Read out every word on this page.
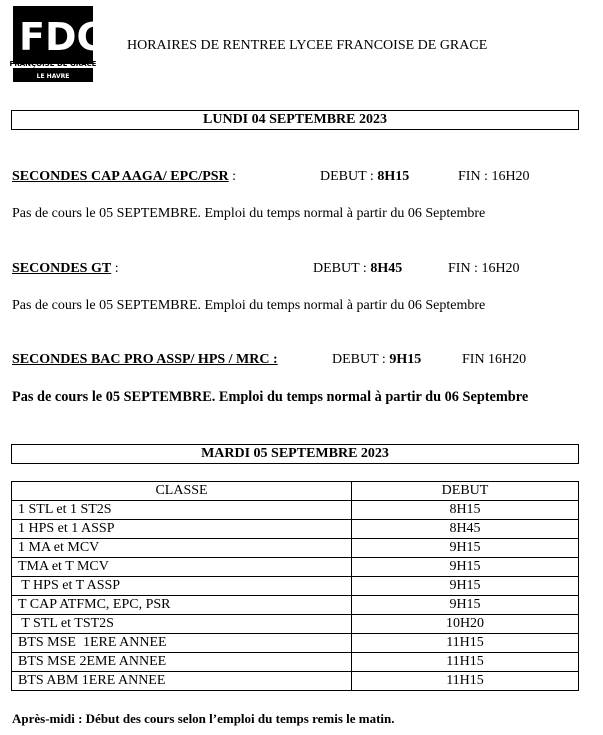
FDG
FRANÇOISE DE GRÂCE
LE HAVRE
HORAIRES DE RENTREE LYCEE FRANCOISE DE GRACE
LUNDI 04 SEPTEMBRE 2023
SECONDES CAP AAGA/ EPC/PSR :	DEBUT : 8H15	FIN : 16H20
Pas de cours le 05 SEPTEMBRE. Emploi du temps normal à partir du 06 Septembre
SECONDES GT :	DEBUT : 8H45	FIN : 16H20
Pas de cours le 05 SEPTEMBRE. Emploi du temps normal à partir du 06 Septembre
SECONDES BAC PRO ASSP/ HPS / MRC :	DEBUT : 9H15	FIN 16H20
Pas de cours le 05 SEPTEMBRE. Emploi du temps normal à partir du 06 Septembre
MARDI 05 SEPTEMBRE 2023
CLASSE	DEBUT
1 STL et 1 ST2S	8H15
1 HPS et 1 ASSP	8H45
1 MA et MCV	9H15
TMA et T MCV	9H15
T HPS et T ASSP	9H15
T CAP ATFMC, EPC, PSR	9H15
T STL et TST2S	10H20
BTS MSE  1ERE ANNEE	11H15
BTS MSE 2EME ANNEE	11H15
BTS ABM 1ERE ANNEE	11H15
Après-midi : Début des cours selon l’emploi du temps remis le matin.
